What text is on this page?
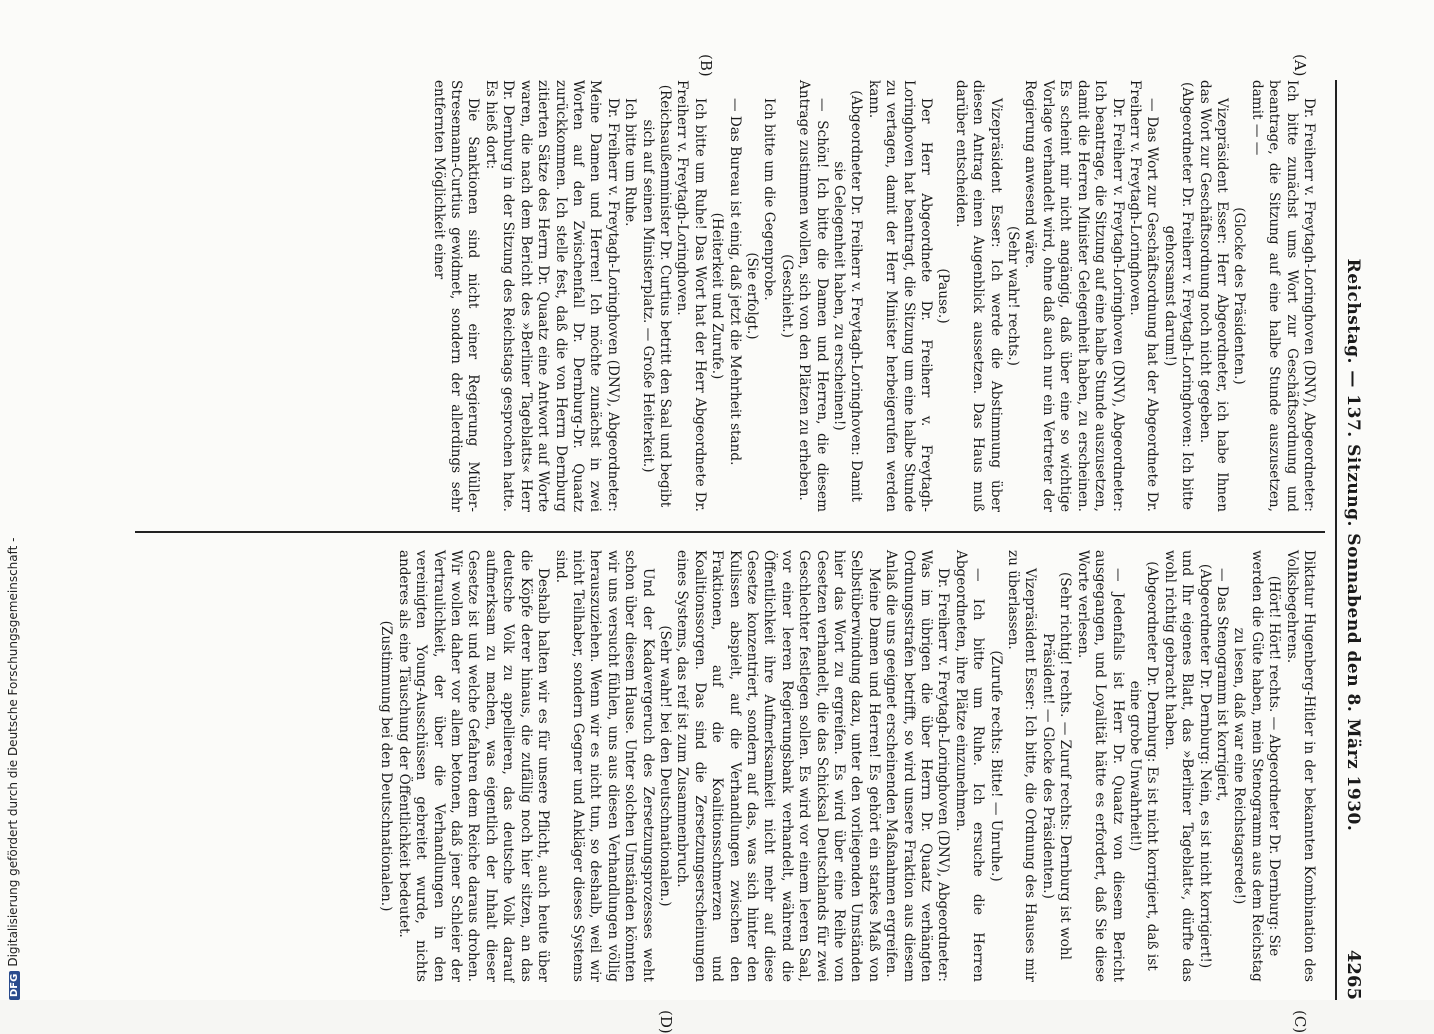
Reichstag. — 137. Sitzung. Sonnabend den 8. März 1930.
4265

Dr. Freiherr v. Freytagh-Loringhoven (DNV), Abgeordneter: Ich bitte zunächst ums Wort zur Geschäftsordnung und beantrage, die Sitzung auf eine halbe Stunde auszusetzen, damit — —

(Glocke des Präsidenten.)

Vizepräsident Esser: Herr Abgeordneter, ich habe Ihnen das Wort zur Geschäftsordnung noch nicht gegeben.

(Abgeordneter Dr. Freiherr v. Freytagh-Loringhoven: Ich bitte gehorsamst darum!)

— Das Wort zur Geschäftsordnung hat der Abgeordnete Dr. Freiherr v. Freytagh-Loringhoven.

Dr. Freiherr v. Freytagh-Loringhoven (DNV), Abgeordneter: Ich beantrage, die Sitzung auf eine halbe Stunde auszusetzen, damit die Herren Minister Gelegenheit haben, zu erscheinen. Es scheint mir nicht angängig, daß über eine so wichtige Vorlage verhandelt wird, ohne daß auch nur ein Vertreter der Regierung anwesend wäre.

(Sehr wahr! rechts.)

Vizepräsident Esser: Ich werde die Abstimmung über diesen Antrag einen Augenblick aussetzen. Das Haus muß darüber entscheiden.

(Pause.)

Der Herr Abgeordnete Dr. Freiherr v. Freytagh-Loringhoven hat beantragt, die Sitzung um eine halbe Stunde zu vertagen, damit der Herr Minister herbeigerufen werden kann.

(Abgeordneter Dr. Freiherr v. Freytagh-Loringhoven: Damit sie Gelegenheit haben, zu erscheinen!)

— Schön! Ich bitte die Damen und Herren, die diesem Antrage zustimmen wollen, sich von den Plätzen zu erheben.

(Geschieht.)

Ich bitte um die Gegenprobe.

(Sie erfolgt.)

— Das Bureau ist einig, daß jetzt die Mehrheit stand.

(Heiterkeit und Zurufe.)

Ich bitte um Ruhe! Das Wort hat der Herr Abgeordnete Dr. Freiherr v. Freytagh-Loringhoven.

(Reichsaußenminister Dr. Curtius betritt den Saal und begibt sich auf seinen Ministerplatz. — Große Heiterkeit.)

Ich bitte um Ruhe.

Dr. Freiherr v. Freytagh-Loringhoven (DNV), Abgeordneter: Meine Damen und Herren! Ich möchte zunächst in zwei Worten auf den Zwischenfall Dr. Dernburg-Dr. Quaatz zurückkommen. Ich stelle fest, daß die von Herrn Dernburg zitierten Sätze des Herrn Dr. Quaatz eine Antwort auf Worte waren, die nach dem Bericht des »Berliner Tageblatts« Herr Dr. Dernburg in der Sitzung des Reichstags gesprochen hatte. Es hieß dort:

Die Sanktionen sind nicht einer Regierung Müller-Stresemann-Curtius gewidmet, sondern der allerdings sehr entfernten Möglichkeit einer

Diktatur Hugenberg-Hitler in der bekannten Kombination des Volksbegehrens.

(Hört! Hört! rechts. — Abgeordneter Dr. Dernburg: Sie werden die Güte haben, mein Stenogramm aus dem Reichstag zu lesen, daß war eine Reichstagsrede!)

— Das Stenogramm ist korrigiert,

(Abgeordneter Dr. Dernburg: Nein, es ist nicht korrigiert!)

und Ihr eigenes Blatt, das »Berliner Tageblatt«, dürfte das wohl richtig gebracht haben.

(Abgeordneter Dr. Dernburg: Es ist nicht korrigiert, daß ist eine grobe Unwahrheit!)

— Jedenfalls ist Herr Dr. Quaatz von diesem Bericht ausgegangen, und Loyalität hätte es erfordert, daß Sie diese Worte verlesen.

(Sehr richtig! rechts. — Zuruf rechts: Dernburg ist wohl Präsident! — Glocke des Präsidenten.)

Vizepräsident Esser: Ich bitte, die Ordnung des Hauses mir zu überlassen.

(Zurufe rechts: Bitte! — Unruhe.)

— Ich bitte um Ruhe. Ich ersuche die Herren Abgeordneten, ihre Plätze einzunehmen.

Dr. Freiherr v. Freytagh-Loringhoven (DNV), Abgeordneter: Was im übrigen die über Herrn Dr. Quaatz verhängten Ordnungsstrafen betrifft, so wird unsere Fraktion aus diesem Anlaß die uns geeignet erscheinenden Maßnahmen ergreifen.

Meine Damen und Herren! Es gehört ein starkes Maß von Selbstüberwindung dazu, unter den vorliegenden Umständen hier das Wort zu ergreifen. Es wird über eine Reihe von Gesetzen verhandelt, die das Schicksal Deutschlands für zwei Geschlechter festlegen sollen. Es wird vor einem leeren Saal, vor einer leeren Regierungsbank verhandelt, während die Öffentlichkeit ihre Aufmerksamkeit nicht mehr auf diese Gesetze konzentriert, sondern auf das, was sich hinter den Kulissen abspielt, auf die Verhandlungen zwischen den Fraktionen, auf die Koalitionsschmerzen und Koalitionssorgen. Das sind die Zersetzungserscheinungen eines Systems, das reif ist zum Zusammenbruch.

(Sehr wahr! bei den Deutschnationalen.)

Und der Kadavergeruch des Zersetzungsprozesses weht schon über diesem Hause. Unter solchen Umständen könnten wir uns versucht fühlen, uns aus diesen Verhandlungen völlig herauszuziehen. Wenn wir es nicht tun, so deshalb, weil wir nicht Teilhaber, sondern Gegner und Ankläger dieses Systems sind.

Deshalb halten wir es für unsere Pflicht, auch heute über die Köpfe derer hinaus, die zufällig noch hier sitzen, an das deutsche Volk zu appellieren, das deutsche Volk darauf aufmerksam zu machen, was eigentlich der Inhalt dieser Gesetze ist und welche Gefahren dem Reiche daraus drohen. Wir wollen daher vor allem betonen, daß jener Schleier der Vertraulichkeit, der über die Verhandlungen in den vereinigten Young-Ausschüssen gebreitet wurde, nichts anderes als eine Täuschung der Öffentlichkeit bedeutet.

(Zustimmung bei den Deutschnationalen.)

(A)
(B)
(C)
(D)
DFGDigitalisierung gefördert durch die Deutsche Forschungsgemeinschaft -
